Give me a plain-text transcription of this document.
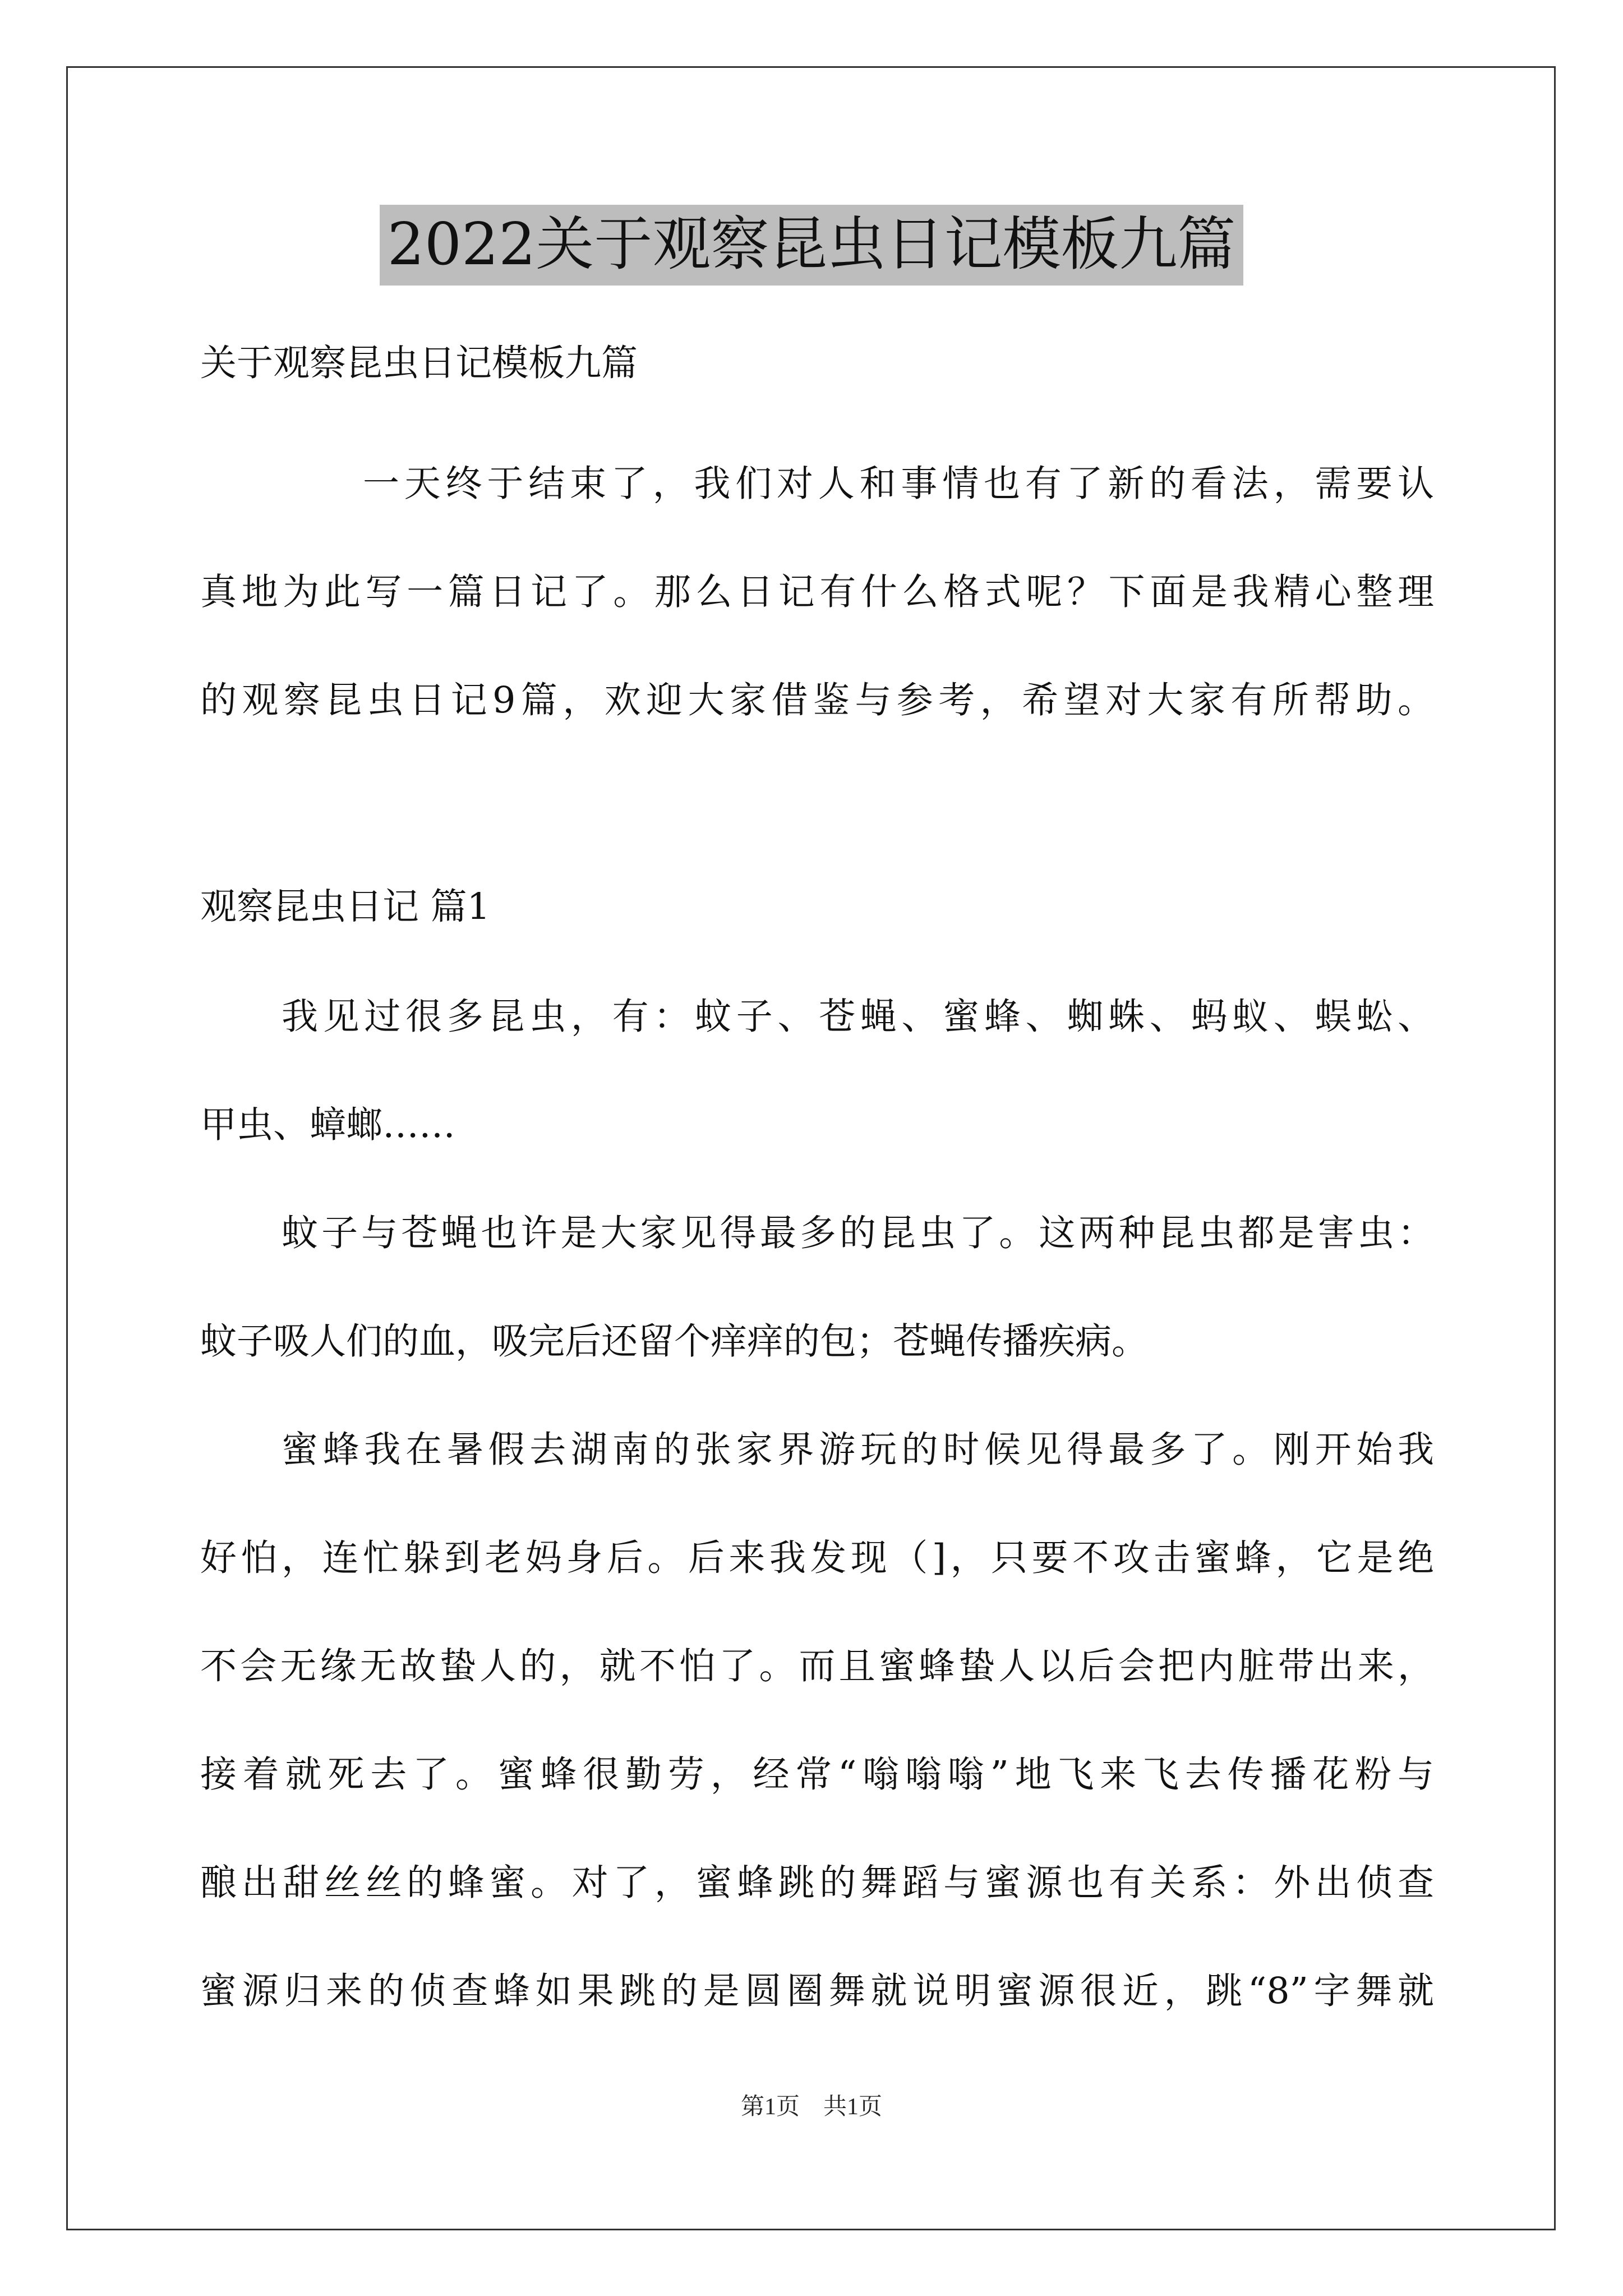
2022关于观察昆虫日记模板九篇
关于观察昆虫日记模板九篇
一天终于结束了，我们对人和事情也有了新的看法，需要认
真地为此写一篇日记了。那么日记有什么格式呢？下面是我精心整理
的观察昆虫日记9篇，欢迎大家借鉴与参考，希望对大家有所帮助。
观察昆虫日记 篇1
我见过很多昆虫，有：蚊子、苍蝇、蜜蜂、蜘蛛、蚂蚁、蜈蚣、
甲虫、蟑螂……
蚊子与苍蝇也许是大家见得最多的昆虫了。这两种昆虫都是害虫：
蚊子吸人们的血，吸完后还留个痒痒的包；苍蝇传播疾病。
蜜蜂我在暑假去湖南的张家界游玩的时候见得最多了。刚开始我
好怕，连忙躲到老妈身后。后来我发现（]，只要不攻击蜜蜂，它是绝
不会无缘无故蛰人的，就不怕了。而且蜜蜂蛰人以后会把内脏带出来，
接着就死去了。蜜蜂很勤劳，经常“嗡嗡嗡”地飞来飞去传播花粉与
酿出甜丝丝的蜂蜜。对了，蜜蜂跳的舞蹈与蜜源也有关系：外出侦查
蜜源归来的侦查蜂如果跳的是圆圈舞就说明蜜源很近，跳“8”字舞就
第1页　共1页
